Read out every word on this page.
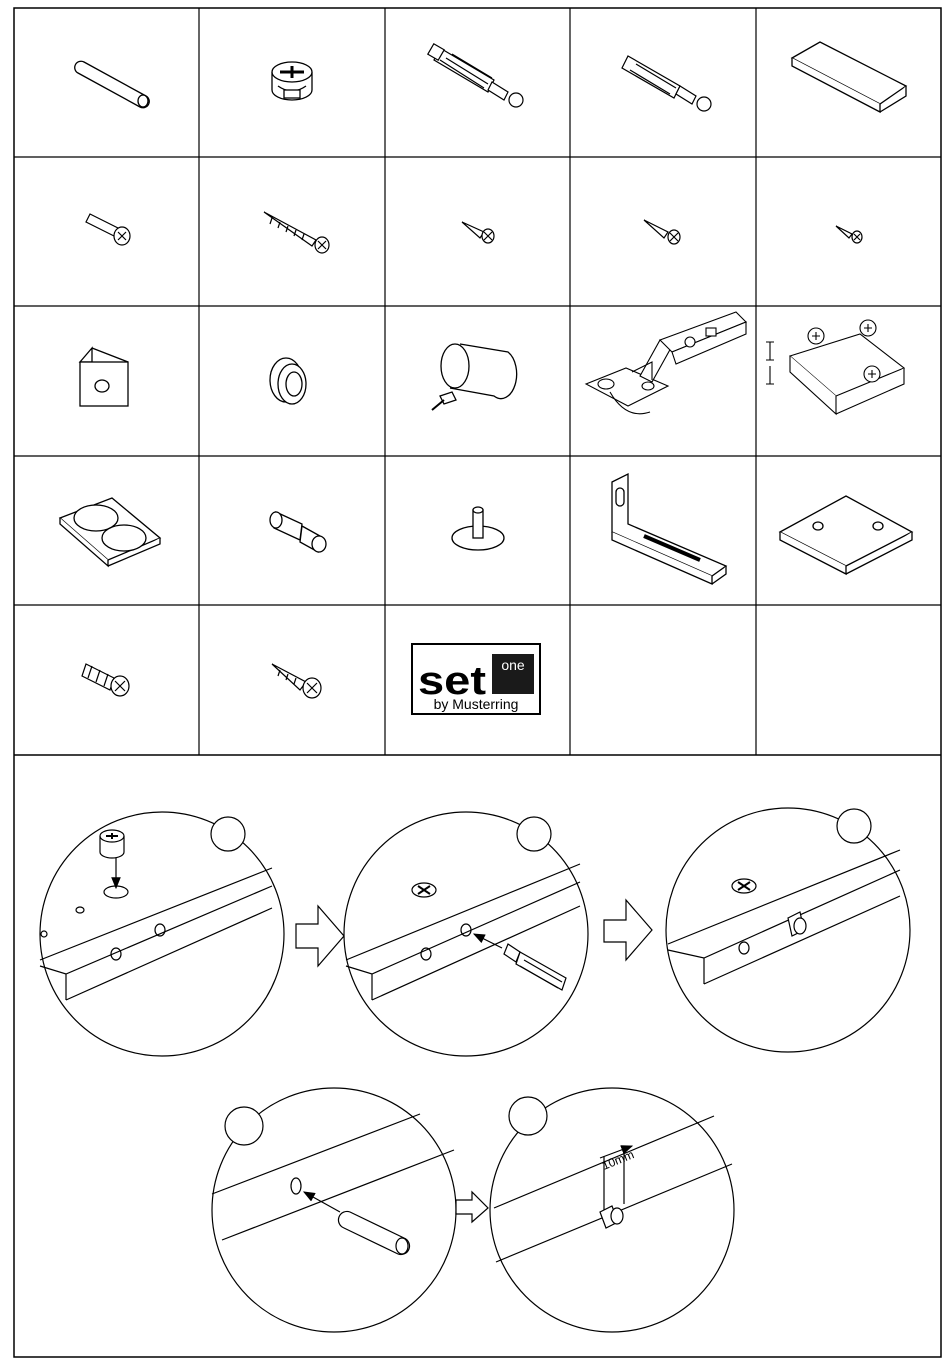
set one
by Musterring
10mm
